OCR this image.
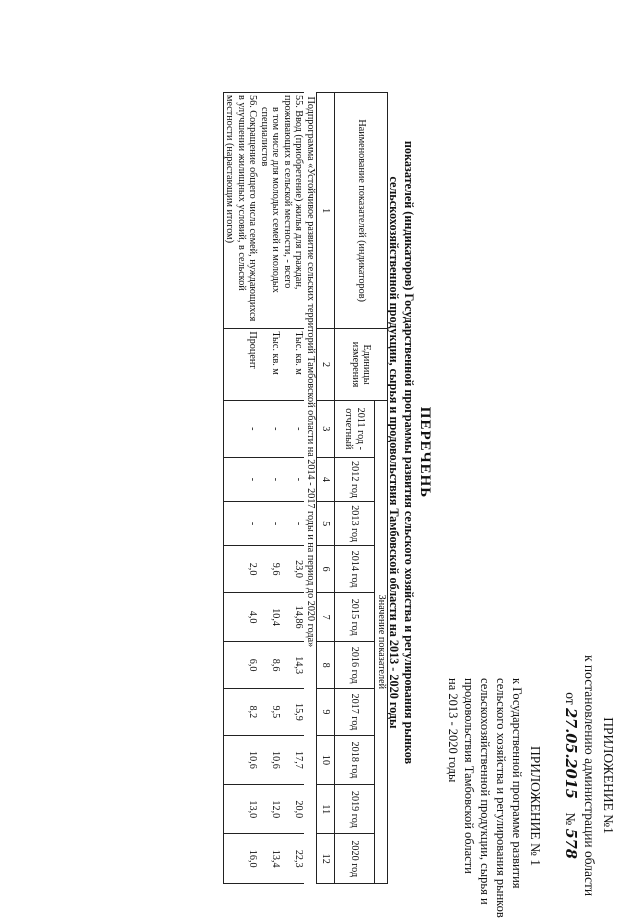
ПРИЛОЖЕНИЕ №1
к постановлению администрации области
от 27.05.2015    № 578
ПРИЛОЖЕНИЕ № 1
к Государственной программе развития
сельского хозяйства и регулирования рынков
сельскохозяйственной продукции, сырья и
продовольствия Тамбовской области
на 2013 - 2020 годы
ПЕРЕЧЕНЬ
показателей (индикаторов) Государственной программы развития сельского хозяйства и регулирования рынков
сельскохозяйственной продукции, сырья и продовольствия Тамбовской области на 2013 - 2020 годы
Наименование показателей (индикаторов)	Единицы измерения	Значение показателей									
		2011 год - отчетный	2012 год	2013 год	2014 год	2015 год	2016 год	2017 год	2018 год	2019 год	2020 год
1	2	3	4	5	6	7	8	9	10	11	12
Подпрограмма «Устойчивое развитие сельских территорий Тамбовской области на 2014 - 2017 годы и на период до 2020 года»											
55. Ввод (приобретение) жилья для граждан, проживающих в сельской местности, - всего	Тыс. кв. м	-	-	-	23,0	14,86	14,3	15,9	17,7	20,0	22,3
в том числе для молодых семей и молодых специалистов	Тыс. кв. м	-	-	-	9,6	10,4	8,6	9,5	10,6	12,0	13,4
56. Сокращение общего числа семей, нуждающихся в улучшении жилищных условий, в сельской местности (нарастающим итогом)	Процент	-	-	-	2,0	4,0	6,0	8,2	10,6	13,0	16,0
